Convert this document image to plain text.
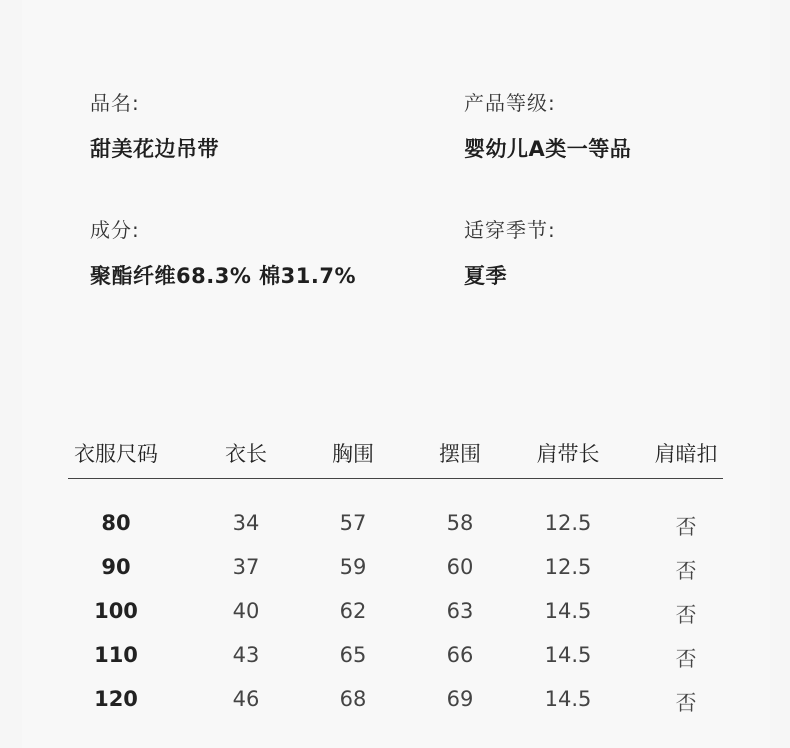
品名:
甜美花边吊带
产品等级:
婴幼儿A类一等品
成分:
聚酯纤维68.3% 棉31.7%
适穿季节:
夏季
衣服尺码	衣长	胸围	摆围	肩带长	肩暗扣
80	34	57	58	12.5	否
90	37	59	60	12.5	否
100	40	62	63	14.5	否
110	43	65	66	14.5	否
120	46	68	69	14.5	否
